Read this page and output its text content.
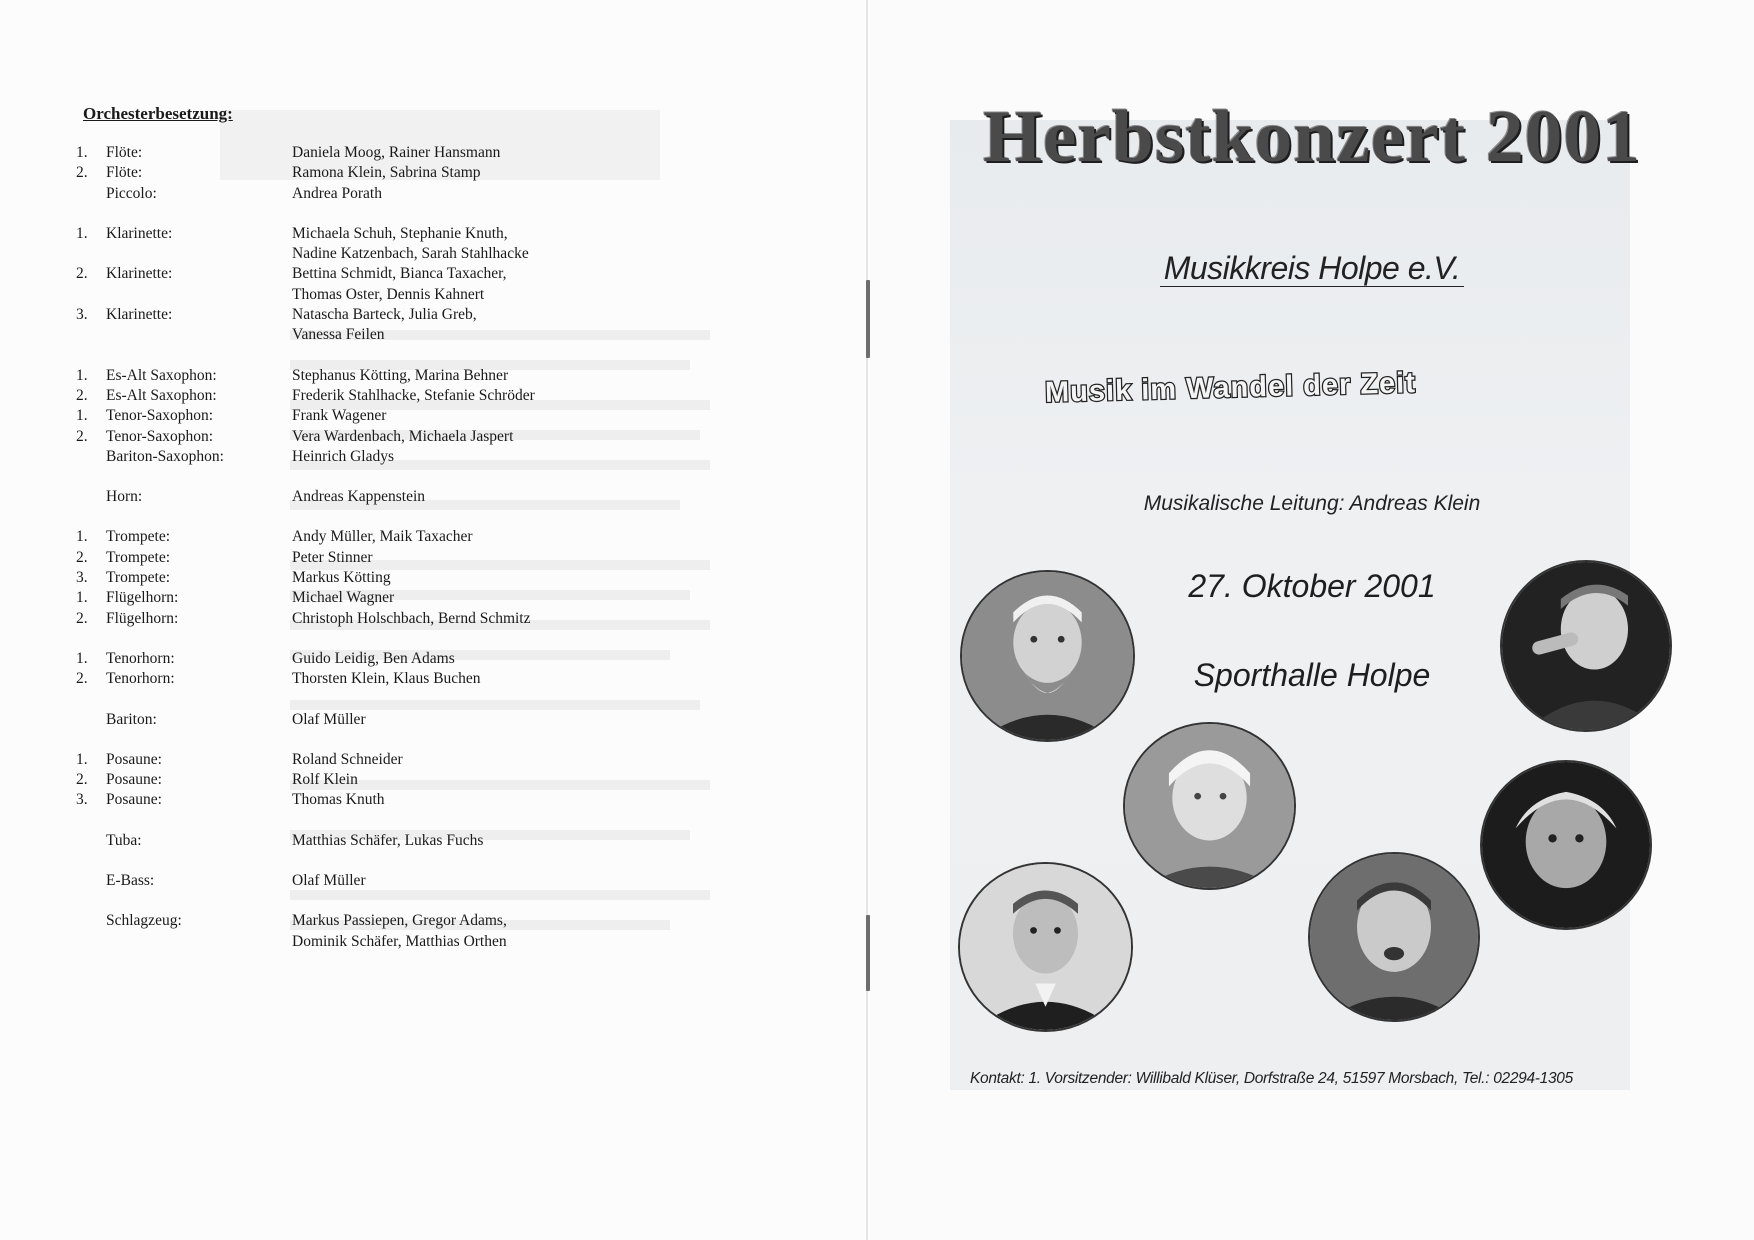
Orchesterbesetzung:
1.	Flöte:	Daniela Moog, Rainer Hansmann
2.	Flöte:	Ramona Klein, Sabrina Stamp
Piccolo:	Andrea Porath
1.	Klarinette:	Michaela Schuh, Stephanie Knuth,
Nadine Katzenbach, Sarah Stahlhacke
2.	Klarinette:	Bettina Schmidt, Bianca Taxacher,
Thomas Oster, Dennis Kahnert
3.	Klarinette:	Natascha Barteck, Julia Greb,
Vanessa Feilen
1.	Es-Alt Saxophon:	Stephanus Kötting, Marina Behner
2.	Es-Alt Saxophon:	Frederik Stahlhacke, Stefanie Schröder
1.	Tenor-Saxophon:	Frank Wagener
2.	Tenor-Saxophon:	Vera Wardenbach, Michaela Jaspert
Bariton-Saxophon:	Heinrich Gladys
Horn:	Andreas Kappenstein
1.	Trompete:	Andy Müller, Maik Taxacher
2.	Trompete:	Peter Stinner
3.	Trompete:	Markus Kötting
1.	Flügelhorn:	Michael Wagner
2.	Flügelhorn:	Christoph Holschbach, Bernd Schmitz
1.	Tenorhorn:	Guido Leidig, Ben Adams
2.	Tenorhorn:	Thorsten Klein, Klaus Buchen
Bariton:	Olaf Müller
1.	Posaune:	Roland Schneider
2.	Posaune:	Rolf Klein
3.	Posaune:	Thomas Knuth
Tuba:	Matthias Schäfer, Lukas Fuchs
E-Bass:	Olaf Müller
Schlagzeug:	Markus Passiepen, Gregor Adams,
Dominik Schäfer, Matthias Orthen
Herbstkonzert 2001

Musikkreis Holpe e.V.

Musik im Wandel der Zeit

Musikalische Leitung: Andreas Klein
27. Oktober 2001
Sporthalle Holpe
Kontakt: 1. Vorsitzender: Willibald Klüser, Dorfstraße 24, 51597 Morsbach, Tel.: 02294-1305
